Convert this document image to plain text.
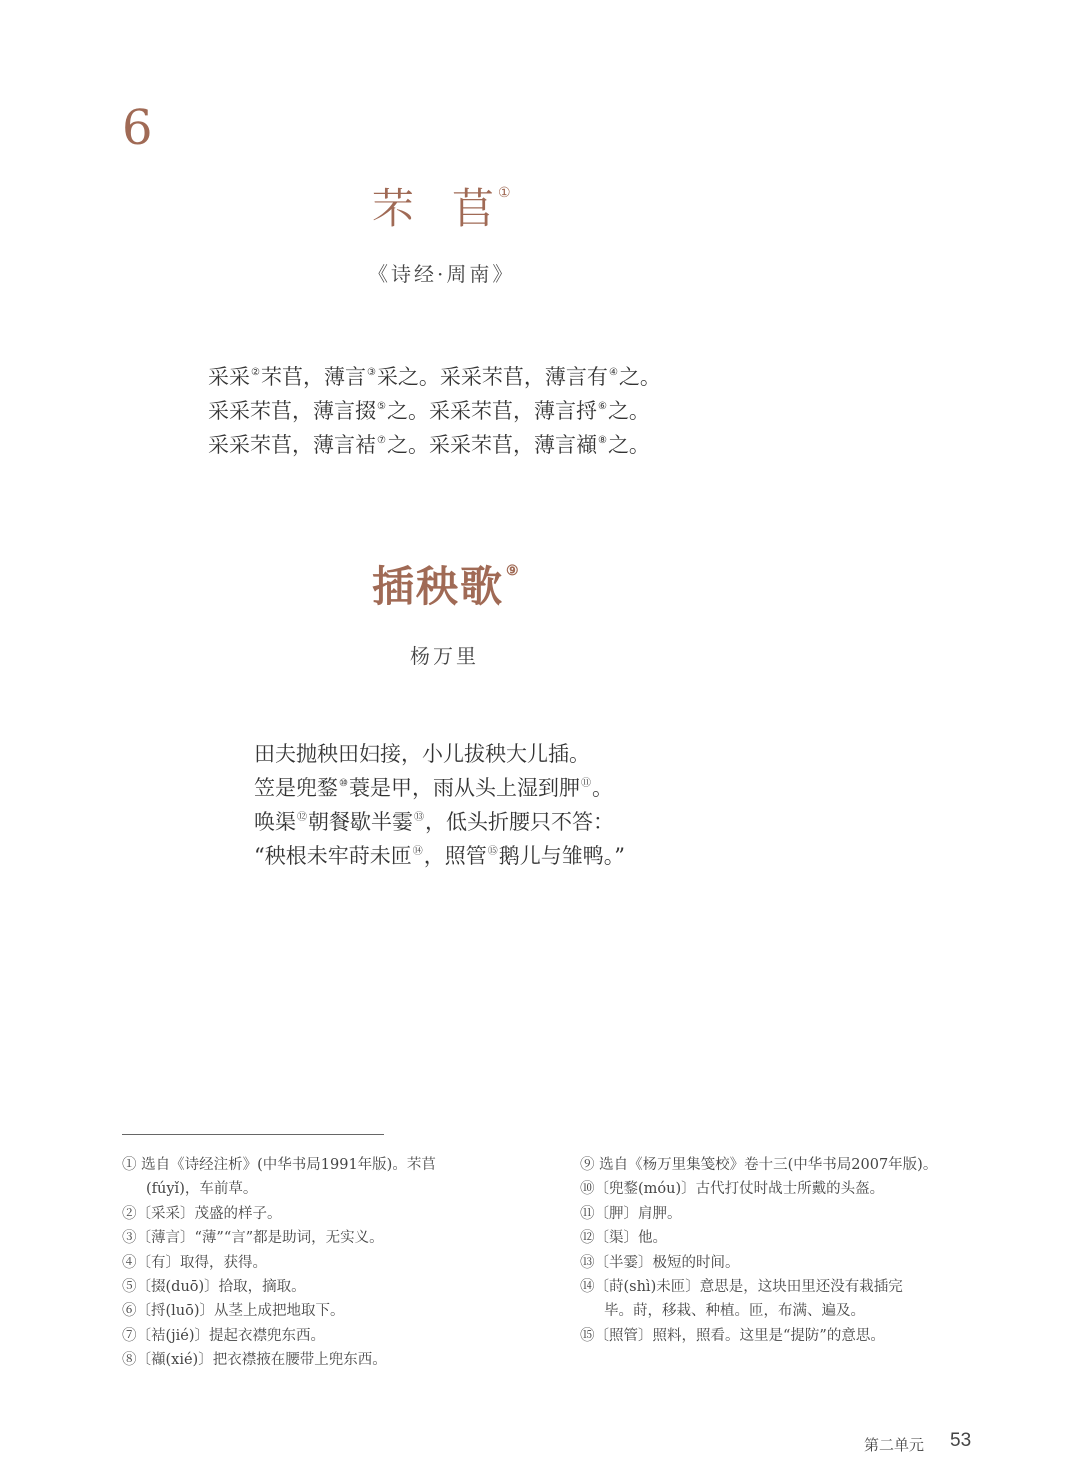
6
芣 苢 ①
《诗经·周南》
采采②芣苢，薄言③采之。采采芣苢，薄言有④之。
采采芣苢，薄言掇⑤之。采采芣苢，薄言捋⑥之。
采采芣苢，薄言袺⑦之。采采芣苢，薄言襭⑧之。
插秧歌 ⑨
杨万里
田夫抛秧田妇接，小儿拔秧大儿插。
笠是兜鍪⑩蓑是甲，雨从头上湿到胛⑪。
唤渠⑫朝餐歇半霎⑬，低头折腰只不答：
“秧根未牢莳未匝⑭，照管⑮鹅儿与雏鸭。”
① 选自《诗经注析》(中华书局1991年版)。芣苢
(fúyǐ)，车前草。
②〔采采〕茂盛的样子。
③〔薄言〕“薄”“言”都是助词，无实义。
④〔有〕取得，获得。
⑤〔掇(duō)〕拾取，摘取。
⑥〔捋(luō)〕从茎上成把地取下。
⑦〔袺(jié)〕提起衣襟兜东西。
⑧〔襭(xié)〕把衣襟掖在腰带上兜东西。
⑨ 选自《杨万里集笺校》卷十三(中华书局2007年版)。
⑩〔兜鍪(móu)〕古代打仗时战士所戴的头盔。
⑪〔胛〕肩胛。
⑫〔渠〕他。
⑬〔半霎〕极短的时间。
⑭〔莳(shì)未匝〕意思是，这块田里还没有栽插完
毕。莳，移栽、种植。匝，布满、遍及。
⑮〔照管〕照料，照看。这里是“提防”的意思。
第二单元 53
